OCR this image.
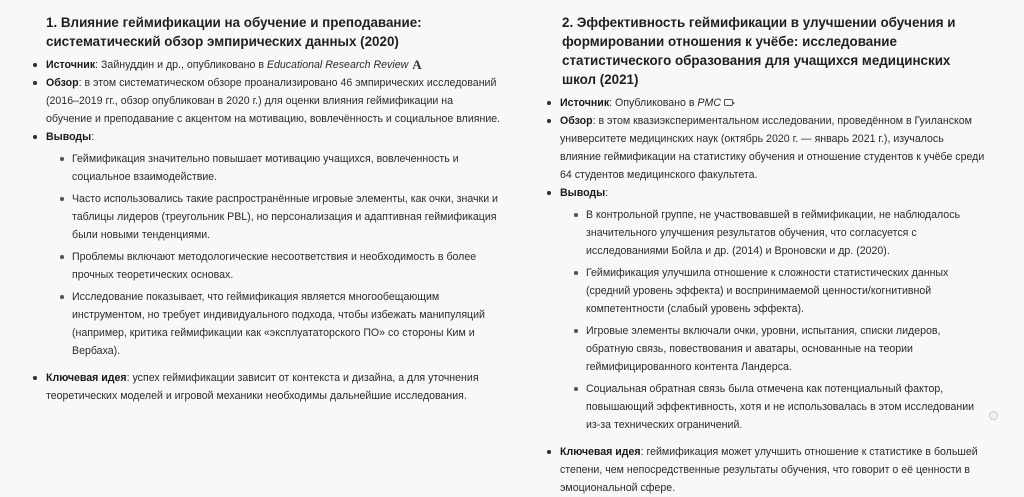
1. Влияние геймификации на обучение и преподавание: систематический обзор эмпирических данных (2020)
Источник: Зайнуддин и др., опубликовано в Educational Research Review A
Обзор: в этом систематическом обзоре проанализировано 46 эмпирических исследований (2016–2019 гг., обзор опубликован в 2020 г.) для оценки влияния геймификации на обучение и преподавание с акцентом на мотивацию, вовлечённость и социальное влияние.
Выводы:
Геймификация значительно повышает мотивацию учащихся, вовлеченность и социальное взаимодействие.
Часто использовались такие распространённые игровые элементы, как очки, значки и таблицы лидеров (треугольник PBL), но персонализация и адаптивная геймификация были новыми тенденциями.
Проблемы включают методологические несоответствия и необходимость в более прочных теоретических основах.
Исследование показывает, что геймификация является многообещающим инструментом, но требует индивидуального подхода, чтобы избежать манипуляций (например, критика геймификации как «эксплуататорского ПО» со стороны Ким и Вербаха).
Ключевая идея: успех геймификации зависит от контекста и дизайна, а для уточнения теоретических моделей и игровой механики необходимы дальнейшие исследования.
2. Эффективность геймификации в улучшении обучения и формировании отношения к учёбе: исследование статистического образования для учащихся медицинских школ (2021)
Источник: Опубликовано в PMC
Обзор: в этом квазиэкспериментальном исследовании, проведённом в Гуиланском университете медицинских наук (октябрь 2020 г. — январь 2021 г.), изучалось влияние геймификации на статистику обучения и отношение студентов к учёбе среди 64 студентов медицинского факультета.
Выводы:
В контрольной группе, не участвовавшей в геймификации, не наблюдалось значительного улучшения результатов обучения, что согласуется с исследованиями Бойла и др. (2014) и Вроновски и др. (2020).
Геймификация улучшила отношение к сложности статистических данных (средний уровень эффекта) и воспринимаемой ценности/когнитивной компетентности (слабый уровень эффекта).
Игровые элементы включали очки, уровни, испытания, списки лидеров, обратную связь, повествования и аватары, основанные на теории геймифицированного контента Ландерса.
Социальная обратная связь была отмечена как потенциальный фактор, повышающий эффективность, хотя и не использовалась в этом исследовании из-за технических ограничений.
Ключевая идея: геймификация может улучшить отношение к статистике в большей степени, чем непосредственные результаты обучения, что говорит о её ценности в эмоциональной сфере.
